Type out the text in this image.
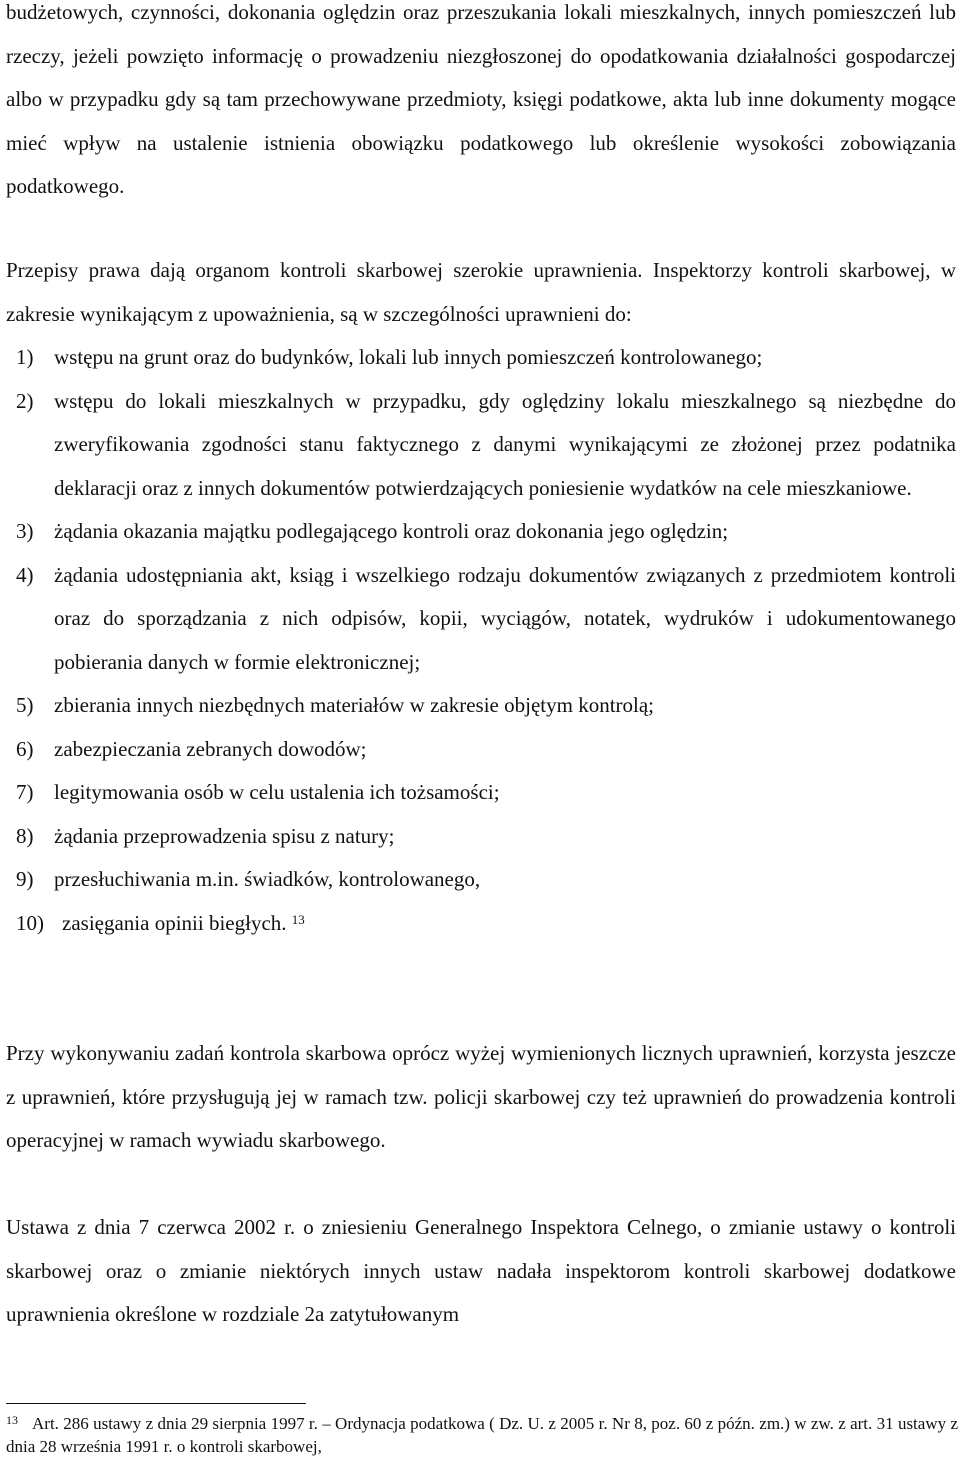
budżetowych, czynności, dokonania oględzin oraz przeszukania lokali mieszkalnych, innych pomieszczeń lub rzeczy, jeżeli powzięto informację o prowadzeniu niezgłoszonej do opodatkowania działalności gospodarczej albo w przypadku gdy są tam przechowywane przedmioty, księgi podatkowe, akta lub inne dokumenty mogące mieć wpływ na ustalenie istnienia obowiązku podatkowego lub określenie wysokości zobowiązania podatkowego.

Przepisy prawa dają organom kontroli skarbowej szerokie uprawnienia. Inspektorzy kontroli skarbowej, w zakresie wynikającym z upoważnienia, są w szczególności uprawnieni do:

1) wstępu na grunt oraz do budynków, lokali lub innych pomieszczeń kontrolowanego;
2) wstępu do lokali mieszkalnych w przypadku, gdy oględziny lokalu mieszkalnego są niezbędne do zweryfikowania zgodności stanu faktycznego z danymi wynikającymi ze złożonej przez podatnika deklaracji oraz z innych dokumentów potwierdzających poniesienie wydatków na cele mieszkaniowe.
3) żądania okazania majątku podlegającego kontroli oraz dokonania jego oględzin;
4) żądania udostępniania akt, ksiąg i wszelkiego rodzaju dokumentów związanych z przedmiotem kontroli oraz do sporządzania z nich odpisów, kopii, wyciągów, notatek, wydruków i udokumentowanego pobierania danych w formie elektronicznej;
5) zbierania innych niezbędnych materiałów w zakresie objętym kontrolą;
6) zabezpieczania zebranych dowodów;
7) legitymowania osób w celu ustalenia ich tożsamości;
8) żądania przeprowadzenia spisu z natury;
9) przesłuchiwania m.in. świadków, kontrolowanego,
10) zasięgania opinii biegłych. $^{13}$

Przy wykonywaniu zadań kontrola skarbowa oprócz wyżej wymienionych licznych uprawnień, korzysta jeszcze z uprawnień, które przysługują jej w ramach tzw. policji skarbowej czy też uprawnień do prowadzenia kontroli operacyjnej w ramach wywiadu skarbowego.

Ustawa z dnia 7 czerwca 2002 r. o zniesieniu Generalnego Inspektora Celnego, o zmianie ustawy o kontroli skarbowej oraz o zmianie niektórych innych ustaw nadała inspektorom kontroli skarbowej dodatkowe uprawnienia określone w rozdziale 2a zatytułowanym

$^{13}$ Art. 286 ustawy z dnia 29 sierpnia 1997 r. – Ordynacja podatkowa ( Dz. U. z 2005 r. Nr 8, poz. 60 z późn. zm.) w zw. z art. 31 ustawy z dnia 28 września 1991 r. o kontroli skarbowej,
